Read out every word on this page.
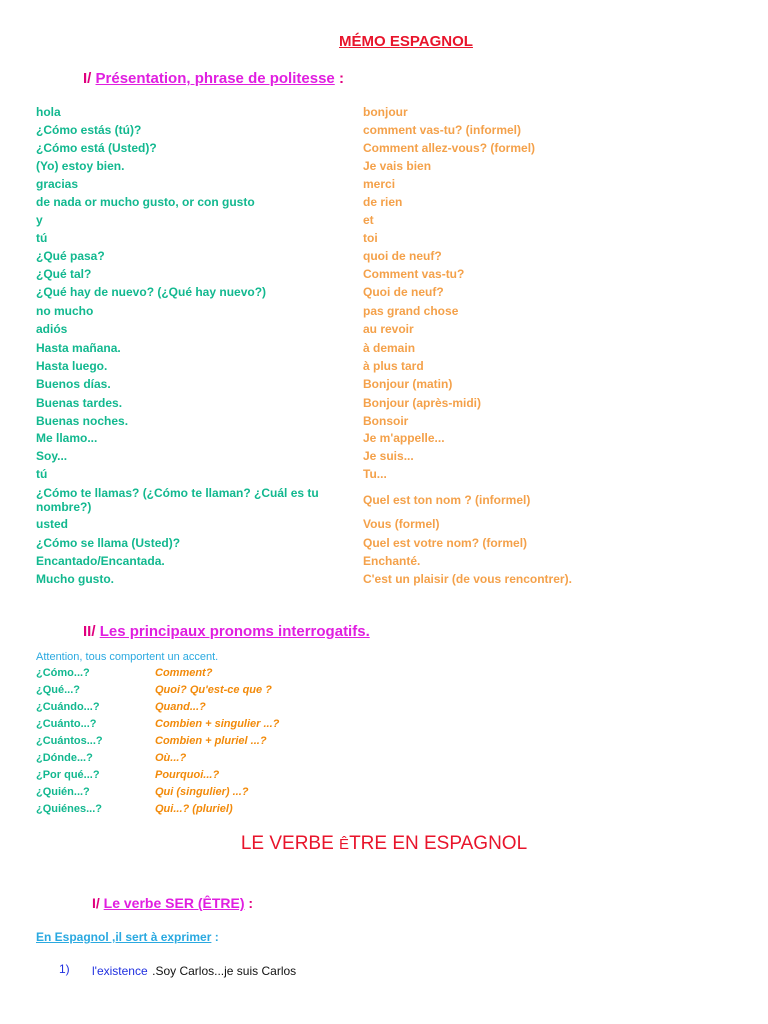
MÉMO ESPAGNOL
I/ Présentation, phrase de politesse :
hola	bonjour
¿Cómo estás (tú)?	comment vas-tu? (informel)
¿Cómo está (Usted)?	Comment allez-vous? (formel)
(Yo) estoy bien.	Je vais bien
gracias	merci
de nada or mucho gusto, or con gusto	de rien
y	et
tú	toi
¿Qué pasa?	quoi de neuf?
¿Qué tal?	Comment vas-tu?
¿Qué hay de nuevo? (¿Qué hay nuevo?)	Quoi de neuf?
no mucho	pas grand chose
adiós	au revoir
Hasta mañana.	à demain
Hasta luego.	à plus tard
Buenos días.	Bonjour (matin)
Buenas tardes.	Bonjour (après-midi)
Buenas noches.	Bonsoir
Me llamo...	Je m'appelle...
Soy...	Je suis...
tú	Tu...
¿Cómo te llamas? (¿Cómo te llaman? ¿Cuál es tu nombre?)	Quel est ton nom ? (informel)
usted	Vous (formel)
¿Cómo se llama (Usted)?	Quel est votre nom? (formel)
Encantado/Encantada.	Enchanté.
Mucho gusto.	C'est un plaisir (de vous rencontrer).
II/ Les principaux pronoms interrogatifs.
Attention, tous comportent un accent.
¿Cómo...?	Comment?
¿Qué...?	Quoi? Qu'est-ce que ?
¿Cuándo...?	Quand...?
¿Cuánto...?	Combien + singulier ...?
¿Cuántos...?	Combien + pluriel ...?
¿Dónde...?	Où...?
¿Por qué...?	Pourquoi...?
¿Quién...?	Qui (singulier) ...?
¿Quiénes...?	Qui...? (pluriel)
LE VERBE ÊTRE EN ESPAGNOL
I/ Le verbe SER (ÊTRE) :
En Espagnol ,il sert à exprimer :
1) l'existence .Soy Carlos...je suis Carlos
